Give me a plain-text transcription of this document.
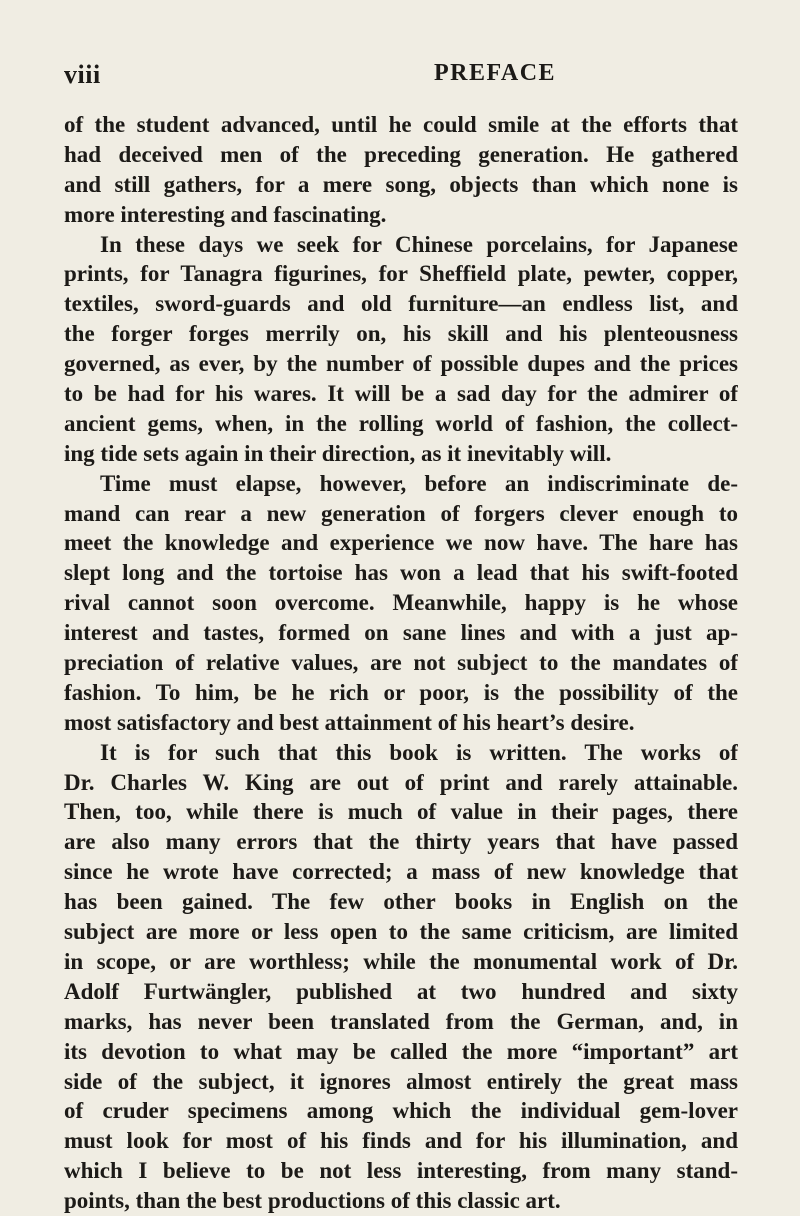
viii	PREFACE
of the student advanced, until he could smile at the efforts that
had deceived men of the preceding generation. He gathered
and still gathers, for a mere song, objects than which none is
more interesting and fascinating.
In these days we seek for Chinese porcelains, for Japanese
prints, for Tanagra figurines, for Sheffield plate, pewter, copper,
textiles, sword-guards and old furniture—an endless list, and
the forger forges merrily on, his skill and his plenteousness
governed, as ever, by the number of possible dupes and the prices
to be had for his wares. It will be a sad day for the admirer of
ancient gems, when, in the rolling world of fashion, the collect-
ing tide sets again in their direction, as it inevitably will.
Time must elapse, however, before an indiscriminate de-
mand can rear a new generation of forgers clever enough to
meet the knowledge and experience we now have. The hare has
slept long and the tortoise has won a lead that his swift-footed
rival cannot soon overcome. Meanwhile, happy is he whose
interest and tastes, formed on sane lines and with a just ap-
preciation of relative values, are not subject to the mandates of
fashion. To him, be he rich or poor, is the possibility of the
most satisfactory and best attainment of his heart’s desire.
It is for such that this book is written. The works of
Dr. Charles W. King are out of print and rarely attainable.
Then, too, while there is much of value in their pages, there
are also many errors that the thirty years that have passed
since he wrote have corrected; a mass of new knowledge that
has been gained. The few other books in English on the
subject are more or less open to the same criticism, are limited
in scope, or are worthless; while the monumental work of Dr.
Adolf Furtwängler, published at two hundred and sixty
marks, has never been translated from the German, and, in
its devotion to what may be called the more “important” art
side of the subject, it ignores almost entirely the great mass
of cruder specimens among which the individual gem-lover
must look for most of his finds and for his illumination, and
which I believe to be not less interesting, from many stand-
points, than the best productions of this classic art.
